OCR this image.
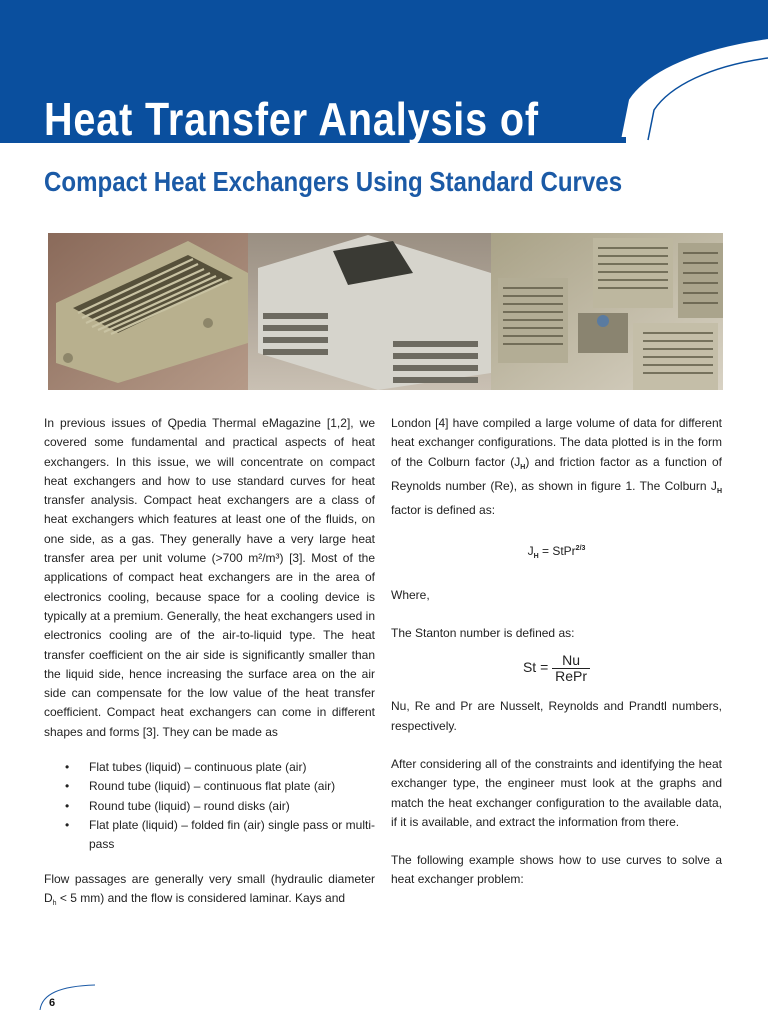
Heat Transfer Analysis of
Compact Heat Exchangers Using Standard Curves

In previous issues of Qpedia Thermal eMagazine [1,2], we covered some fundamental and practical aspects of heat exchangers. In this issue, we will concentrate on compact heat exchangers and how to use standard curves for heat transfer analysis. Compact heat exchangers are a class of heat exchangers which features at least one of the fluids, on one side, as a gas. They generally have a very large heat transfer area per unit volume (>700 m²/m³) [3]. Most of the applications of compact heat exchangers are in the area of electronics cooling, because space for a cooling device is typically at a premium. Generally, the heat exchangers used in electronics cooling are of the air-to-liquid type. The heat transfer coefficient on the air side is significantly smaller than the liquid side, hence increasing the surface area on the air side can compensate for the low value of the heat transfer coefficient. Compact heat exchangers can come in different shapes and forms [3]. They can be made as

• Flat tubes (liquid) – continuous plate (air)
• Round tube (liquid) – continuous flat plate (air)
• Round tube (liquid) – round disks (air)
• Flat plate (liquid) – folded fin (air) single pass or multi-pass

Flow passages are generally very small (hydraulic diameter $D_h < 5$ mm) and the flow is considered laminar. Kays and

London [4] have compiled a large volume of data for different heat exchanger configurations. The data plotted is in the form of the Colburn factor $(J_H)$ and friction factor as a function of Reynolds number (Re), as shown in figure 1. The Colburn $J_H$ factor is defined as:

$J_H$ = StPr$^{2/3}$

Where,

The Stanton number is defined as:

$St = \frac{Nu}{\text{RePr}}$

Nu, Re and Pr are Nusselt, Reynolds and Prandtl numbers, respectively.

After considering all of the constraints and identifying the heat exchanger type, the engineer must look at the graphs and match the heat exchanger configuration to the available data, if it is available, and extract the information from there.

The following example shows how to use curves to solve a heat exchanger problem:

6
